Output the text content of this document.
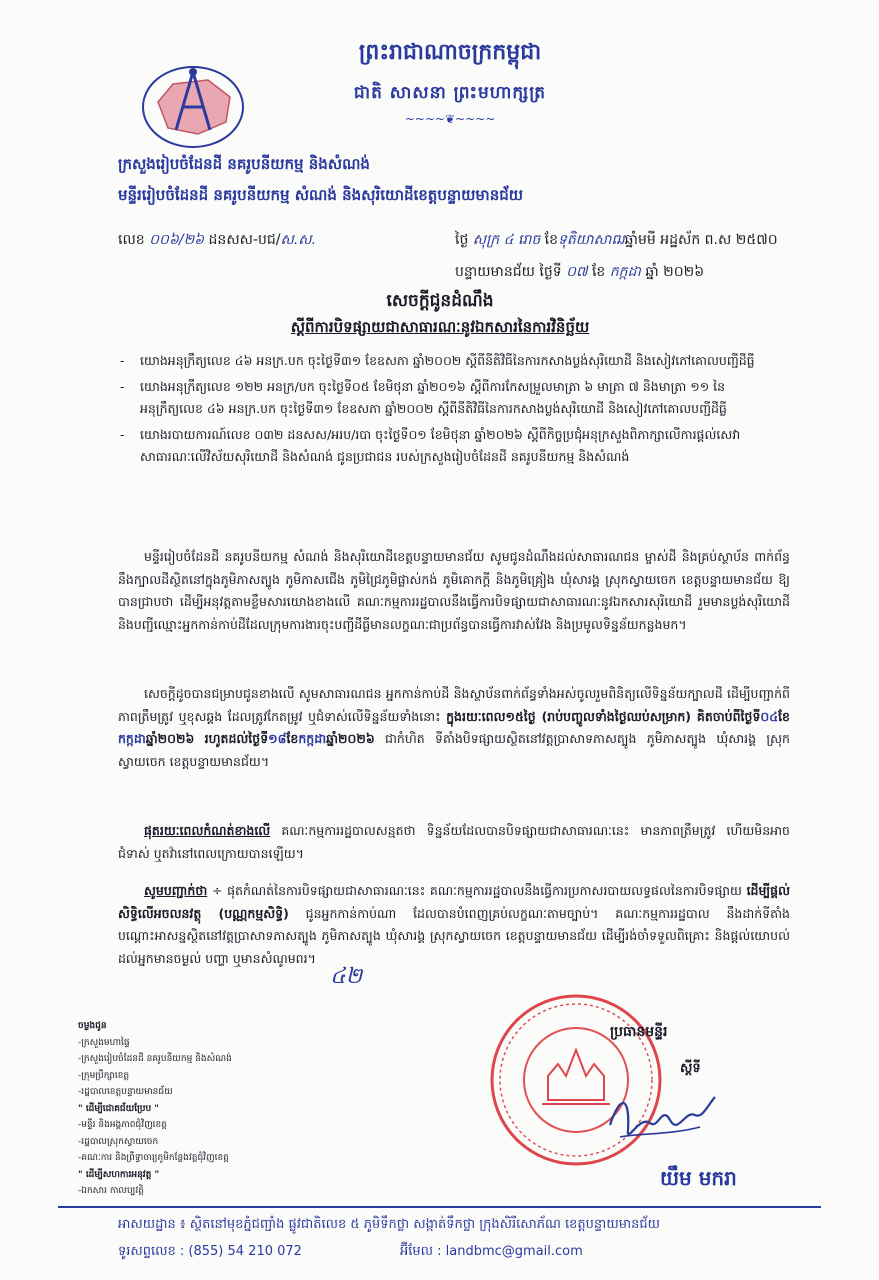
ព្រះរាជាណាចក្រកម្ពុជា
ជាតិ សាសនា ព្រះមហាក្សត្រ
~~~~❦~~~~
ក្រសួងរៀបចំដែនដី នគរូបនីយកម្ម និងសំណង់
មន្ទីររៀបចំដែនដី នគរូបនីយកម្ម សំណង់ និងសុរិយោដីខេត្តបន្ទាយមានជ័យ
លេខ ០០៦/២៦ ដនសស-បជ/ស.ស.	ថ្ងៃ សុក្រ ៤ រោច ខែទុតិយាសាឍឆ្នាំមមី អដ្ឋស័ក ព.ស ២៥៧០
បន្ទាយមានជ័យ ថ្ងៃទី ០៧ ខែ កក្កដា ឆ្នាំ ២០២៦
សេចក្ដីជូនដំណឹង
ស្ដីពីការបិទផ្សាយជាសាធារណៈនូវឯកសារនៃការវិនិច្ឆ័យ
- យោងអនុក្រឹត្យលេខ ៤៦ អនក្រ.បក ចុះថ្ងៃទី៣១ ខែឧសភា ឆ្នាំ២០០២ ស្ដីពីនីតិវិធីនៃការកសាងប្លង់សុរិយោដី និងសៀវភៅគោលបញ្ជីដីធ្លី
- យោងអនុក្រឹត្យលេខ ១២២ អនក្រ/បក ចុះថ្ងៃទី០៥ ខែមិថុនា ឆ្នាំ២០១៦ ស្ដីពីការកែសម្រួលមាត្រា ៦ មាត្រា ៧ និងមាត្រា ១១ នៃអនុក្រឹត្យលេខ ៤៦ អនក្រ.បក ចុះថ្ងៃទី៣១ ខែឧសភា ឆ្នាំ២០០២ ស្ដីពីនីតិវិធីនៃការកសាងប្លង់សុរិយោដី និងសៀវភៅគោលបញ្ជីដីធ្លី
- យោងរបាយការណ៍លេខ ០៣២ ដនសស/អរប/របា ចុះថ្ងៃទី០១ ខែមិថុនា ឆ្នាំ២០២៦ ស្ដីពីកិច្ចប្រជុំអនុក្រសួងពិភាក្សាលើការផ្ដល់សេវាសាធារណៈលើវិស័យសុរិយោដី និងសំណង់ ជូនប្រជាជន របស់ក្រសួងរៀបចំដែនដី នគរូបនីយកម្ម និងសំណង់

មន្ទីររៀបចំដែនដី នគរូបនីយកម្ម សំណង់ និងសុរិយោដីខេត្តបន្ទាយមានជ័យ សូមជូនដំណឹងដល់សាធារណជន ម្ចាស់ដី និងគ្រប់ស្ថាប័ន ពាក់ព័ន្ធនឹងក្បាលដីស្ថិតនៅក្នុងភូមិភាសត្បូង ភូមិភាសជើង ភូមិជ្រៃភូមិផ្លាស់កង់ ភូមិគោកក្ដី និងភូមិគ្រៀង ឃុំសារង្គ ស្រុកស្វាយចេក ខេត្តបន្ទាយមានជ័យ ឱ្យបានជ្រាបថា ដើម្បីអនុវត្តតាមខ្លឹមសារយោងខាងលើ គណៈកម្មការរដ្ឋបាលនឹងធ្វើការបិទផ្សាយជាសាធារណៈនូវឯកសារសុរិយោដី រួមមានប្លង់សុរិយោដី និងបញ្ជីឈ្មោះអ្នកកាន់កាប់ដីដែលក្រុមការងារចុះបញ្ជីដីធ្លីមានលក្ខណៈជាប្រព័ន្ធបានធ្វើការវាស់វែង និងប្រមូលទិន្នន័យកន្លងមក។

សេចក្ដីដូចបានជម្រាបជូនខាងលើ សូមសាធារណជន អ្នកកាន់កាប់ដី និងស្ថាប័នពាក់ព័ន្ធទាំងអស់ចូលរួមពិនិត្យលើទិន្នន័យក្បាលដី ដើម្បីបញ្ជាក់ពីភាពត្រឹមត្រូវ ឬខុសឆ្គង ដែលត្រូវកែតម្រូវ ឬជំទាស់លើទិន្នន័យទាំងនោះ ក្នុងរយៈពេល១៥ថ្ងៃ (រាប់បញ្ចូលទាំងថ្ងៃឈប់សម្រាក) គិតចាប់ពីថ្ងៃទី០៤ខែកក្កដាឆ្នាំ២០២៦ រហូតដល់ថ្ងៃទី១៨ខែកក្កដាឆ្នាំ២០២៦ ជាកំហិត ទីតាំងបិទផ្សាយស្ថិតនៅវត្តប្រាសាទភាសត្បូង ភូមិភាសត្បូង ឃុំសារង្គ ស្រុកស្វាយចេក ខេត្តបន្ទាយមានជ័យ។

ផុតរយៈពេលកំណត់ខាងលើ គណៈកម្មការរដ្ឋបាលសន្មតថា ទិន្នន័យដែលបានបិទផ្សាយជាសាធារណៈនេះ មានភាពត្រឹមត្រូវ ហើយមិនអាចជំទាស់ ឬតវ៉ានៅពេលក្រោយបានឡើយ។

សូមបញ្ជាក់ថា ÷ ផុតកំណត់នៃការបិទផ្សាយជាសាធារណៈនេះ គណៈកម្មការរដ្ឋបាលនឹងធ្វើការប្រកាសរបាយលទ្ធផលនៃការបិទផ្សាយ ដើម្បីផ្ដល់សិទ្ធិលើអចលនវត្ថុ (បណ្ណកម្មសិទ្ធិ) ជូនអ្នកកាន់កាប់ណា ដែលបានបំពេញគ្រប់លក្ខណៈតាមច្បាប់។ គណៈកម្មការរដ្ឋបាល នឹងដាក់ទីតាំងបណ្ដោះអាសន្នស្ថិតនៅវត្តប្រាសាទភាសត្បូង ភូមិភាសត្បូង ឃុំសារង្គ ស្រុកស្វាយចេក ខេត្តបន្ទាយមានជ័យ ដើម្បីរង់ចាំទទួលពិគ្រោះ និងផ្ដល់យោបល់ដល់អ្នកមានចម្ងល់ បញ្ហា ឬមានសំណូមពរ។

៤២
ចម្លងជូន
-ក្រសួងមហាផ្ទៃ
-ក្រសួងរៀបចំដែនដី នគរូបនីយកម្ម និងសំណង់
-ក្រុមប្រឹក្សាខេត្ត
-រដ្ឋបាលខេត្តបន្ទាយមានជ័យ
" ដើម្បីជោគជ័យប្រែប "
-មន្ទីរ និងអង្គភាពជុំវិញខេត្ត
-រដ្ឋបាលស្រុកស្វាយចេក
-គណៈការ និងព្រឹទ្ធាចារ្យភូមិកន្លែងវត្តជុំវិញខេត្ត
" ដើម្បីសហការអនុវត្ត "
-ឯកសារ កាលប្បវត្តិ
ប្រធានមន្ទីរ
ស្ដីទី
យឹម មករា
អាសយដ្ឋាន ៖ ស្ថិតនៅមុខភ្នំជញ្ជាំង ផ្លូវជាតិលេខ ៥ ភូមិទឹកថ្លា សង្កាត់ទឹកថ្លា ក្រុងសិរីសោភ័ណ ខេត្តបន្ទាយមានជ័យ
ទូរសព្ទលេខ : (855) 54 210 072	អ៊ីមែល : landbmc@gmail.com
